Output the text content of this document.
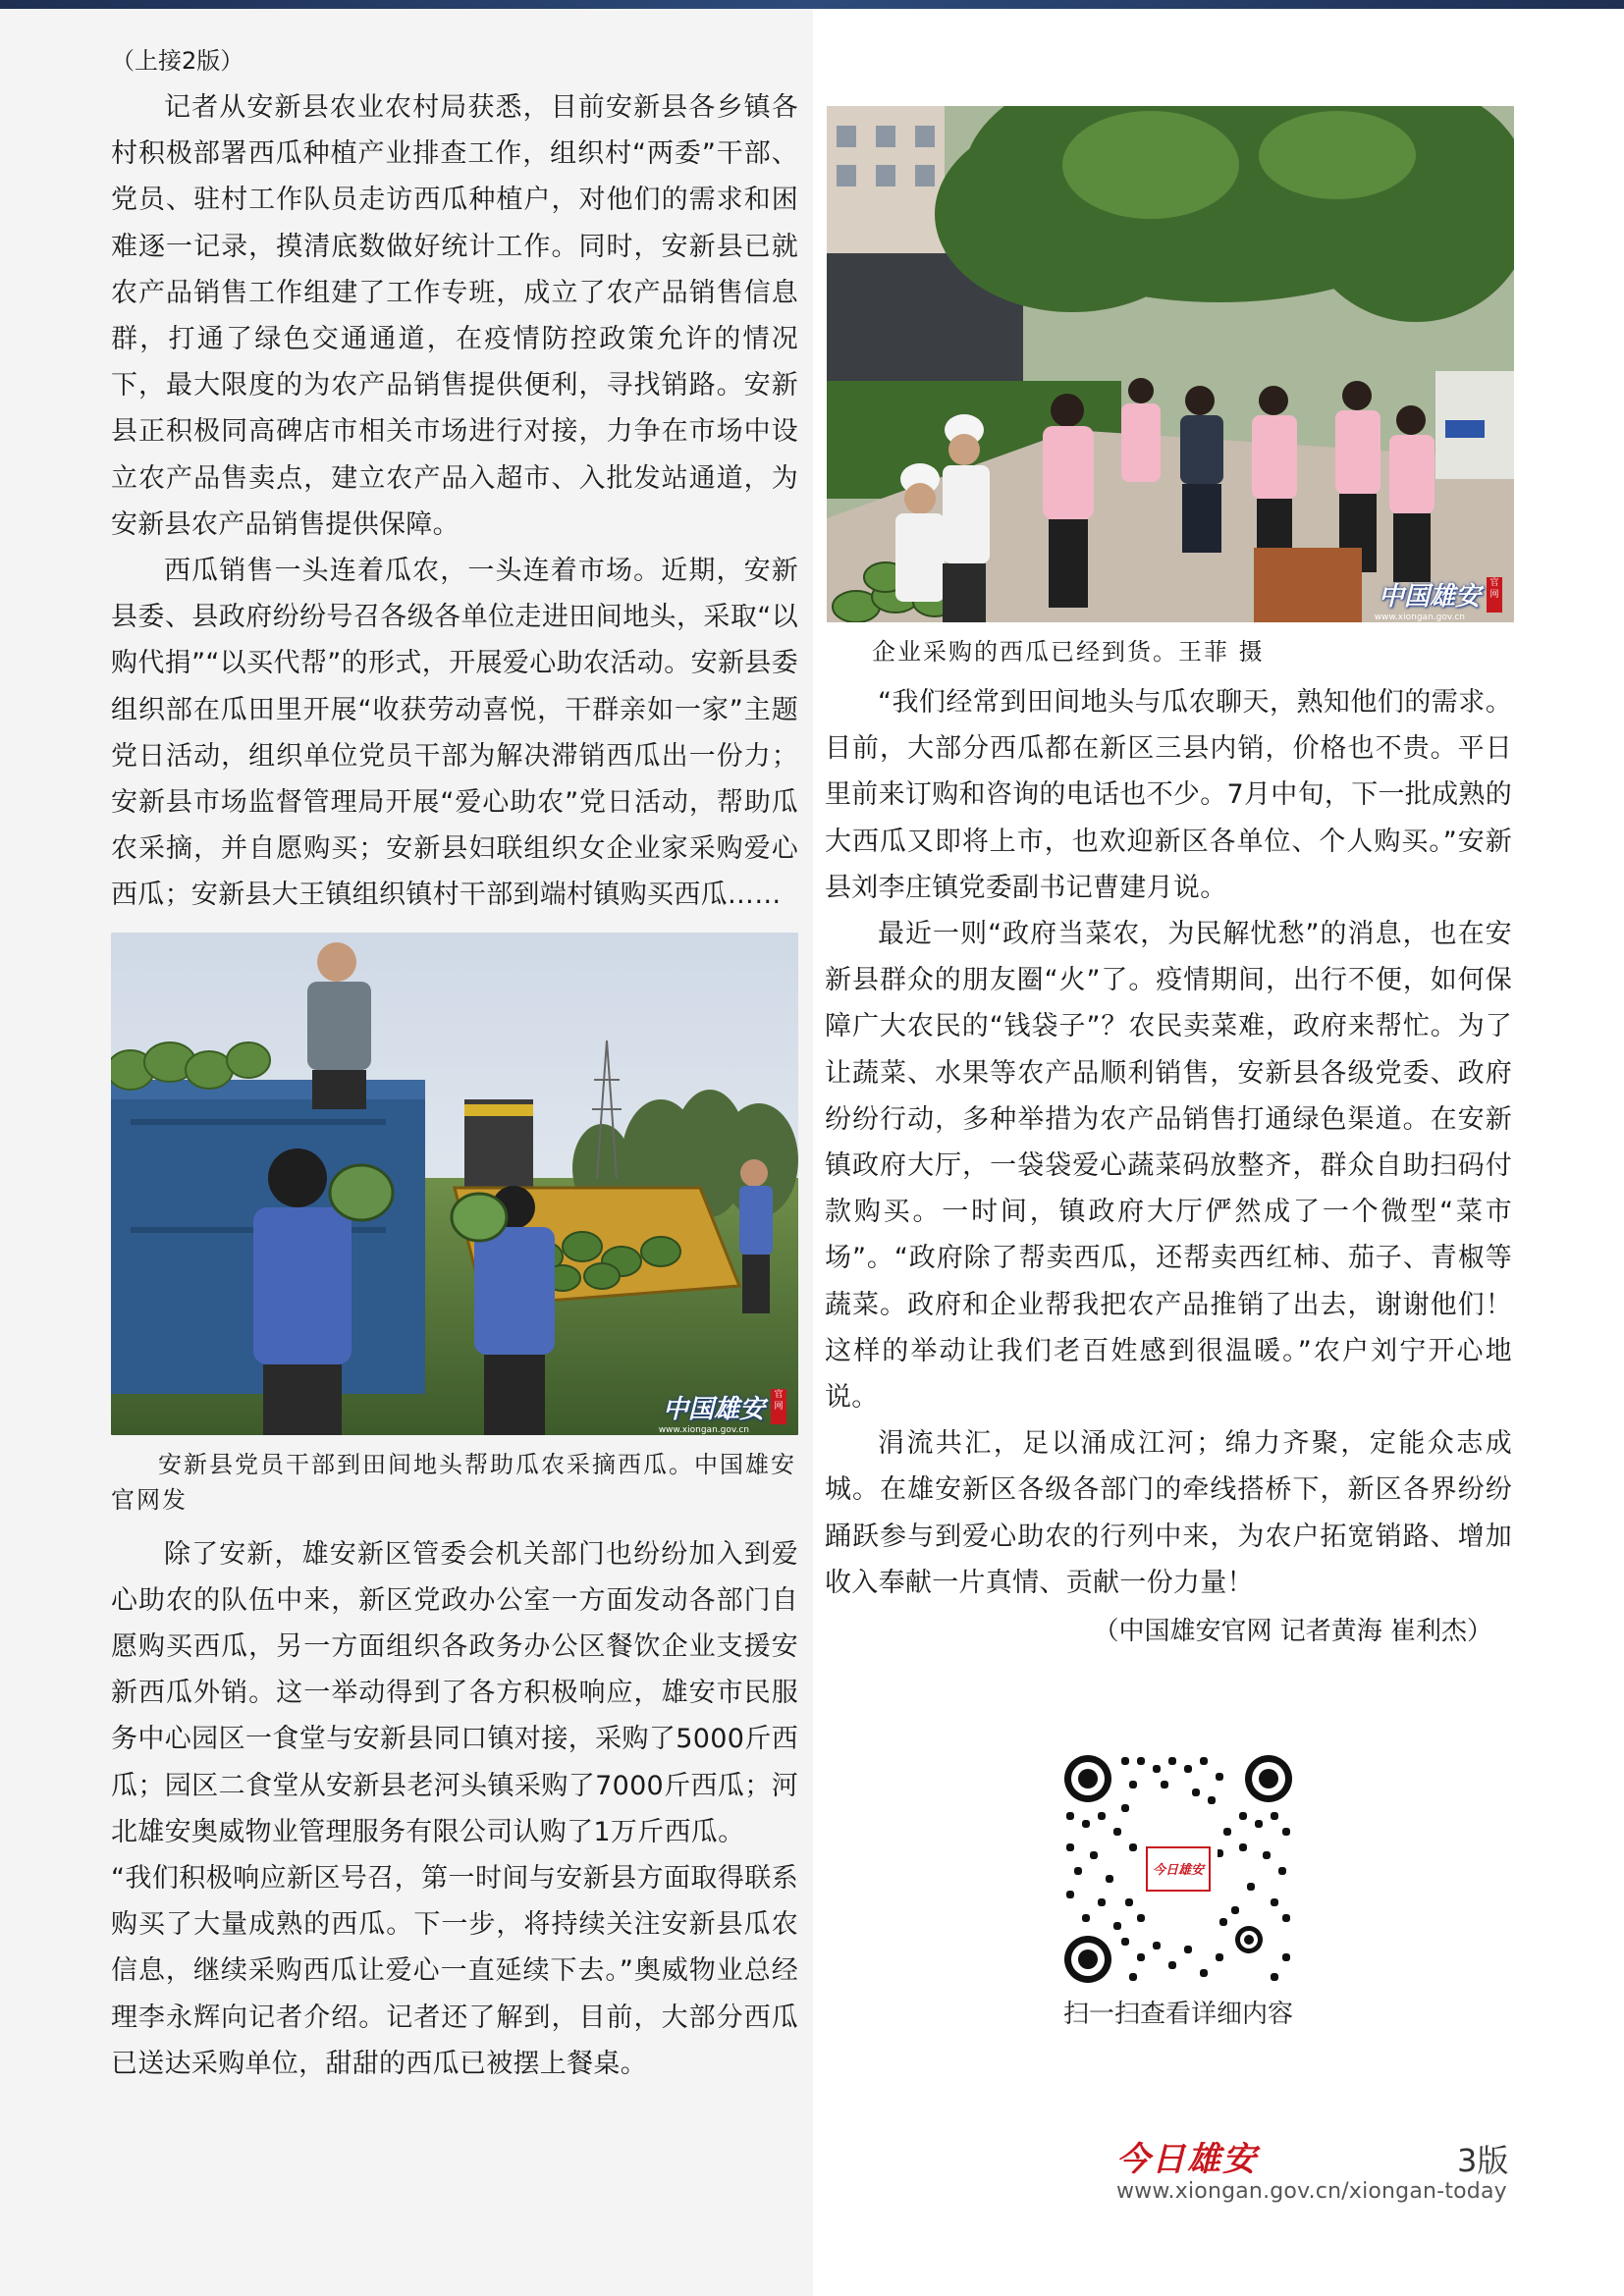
（上接2版）

记者从安新县农业农村局获悉，目前安新县各乡镇各村积极部署西瓜种植产业排查工作，组织村“两委”干部、党员、驻村工作队员走访西瓜种植户，对他们的需求和困难逐一记录，摸清底数做好统计工作。同时，安新县已就农产品销售工作组建了工作专班，成立了农产品销售信息群，打通了绿色交通通道，在疫情防控政策允许的情况下，最大限度的为农产品销售提供便利，寻找销路。安新县正积极同高碑店市相关市场进行对接，力争在市场中设立农产品售卖点，建立农产品入超市、入批发站通道，为安新县农产品销售提供保障。

西瓜销售一头连着瓜农，一头连着市场。近期，安新县委、县政府纷纷号召各级各单位走进田间地头，采取“以购代捐”“以买代帮”的形式，开展爱心助农活动。安新县委组织部在瓜田里开展“收获劳动喜悦，干群亲如一家”主题党日活动，组织单位党员干部为解决滞销西瓜出一份力；安新县市场监督管理局开展“爱心助农”党日活动，帮助瓜农采摘，并自愿购买；安新县妇联组织女企业家采购爱心西瓜；安新县大王镇组织镇村干部到端村镇购买西瓜……

中国雄安	官网
www.xiongan.gov.cn

安新县党员干部到田间地头帮助瓜农采摘西瓜。中国雄安官网发

除了安新，雄安新区管委会机关部门也纷纷加入到爱心助农的队伍中来，新区党政办公室一方面发动各部门自愿购买西瓜，另一方面组织各政务办公区餐饮企业支援安新西瓜外销。这一举动得到了各方积极响应，雄安市民服务中心园区一食堂与安新县同口镇对接，采购了5000斤西瓜；园区二食堂从安新县老河头镇采购了7000斤西瓜；河北雄安奥威物业管理服务有限公司认购了1万斤西瓜。

“我们积极响应新区号召，第一时间与安新县方面取得联系购买了大量成熟的西瓜。下一步，将持续关注安新县瓜农信息，继续采购西瓜让爱心一直延续下去。”奥威物业总经理李永辉向记者介绍。记者还了解到，目前，大部分西瓜已送达采购单位，甜甜的西瓜已被摆上餐桌。

中国雄安	官网
www.xiongan.gov.cn

企业采购的西瓜已经到货。王菲 摄

“我们经常到田间地头与瓜农聊天，熟知他们的需求。目前，大部分西瓜都在新区三县内销，价格也不贵。平日里前来订购和咨询的电话也不少。7月中旬，下一批成熟的大西瓜又即将上市，也欢迎新区各单位、个人购买。”安新县刘李庄镇党委副书记曹建月说。

最近一则“政府当菜农，为民解忧愁”的消息，也在安新县群众的朋友圈“火”了。疫情期间，出行不便，如何保障广大农民的“钱袋子”？农民卖菜难，政府来帮忙。为了让蔬菜、水果等农产品顺利销售，安新县各级党委、政府纷纷行动，多种举措为农产品销售打通绿色渠道。在安新镇政府大厅，一袋袋爱心蔬菜码放整齐，群众自助扫码付款购买。一时间，镇政府大厅俨然成了一个微型“菜市场”。“政府除了帮卖西瓜，还帮卖西红柿、茄子、青椒等蔬菜。政府和企业帮我把农产品推销了出去，谢谢他们！这样的举动让我们老百姓感到很温暖。”农户刘宁开心地说。

涓流共汇，足以涌成江河；绵力齐聚，定能众志成城。在雄安新区各级各部门的牵线搭桥下，新区各界纷纷踊跃参与到爱心助农的行列中来，为农户拓宽销路、增加收入奉献一片真情、贡献一份力量！

（中国雄安官网 记者黄海 崔利杰）

今日雄安
扫一扫查看详细内容
今日雄安	3版
www.xiongan.gov.cn/xiongan-today
